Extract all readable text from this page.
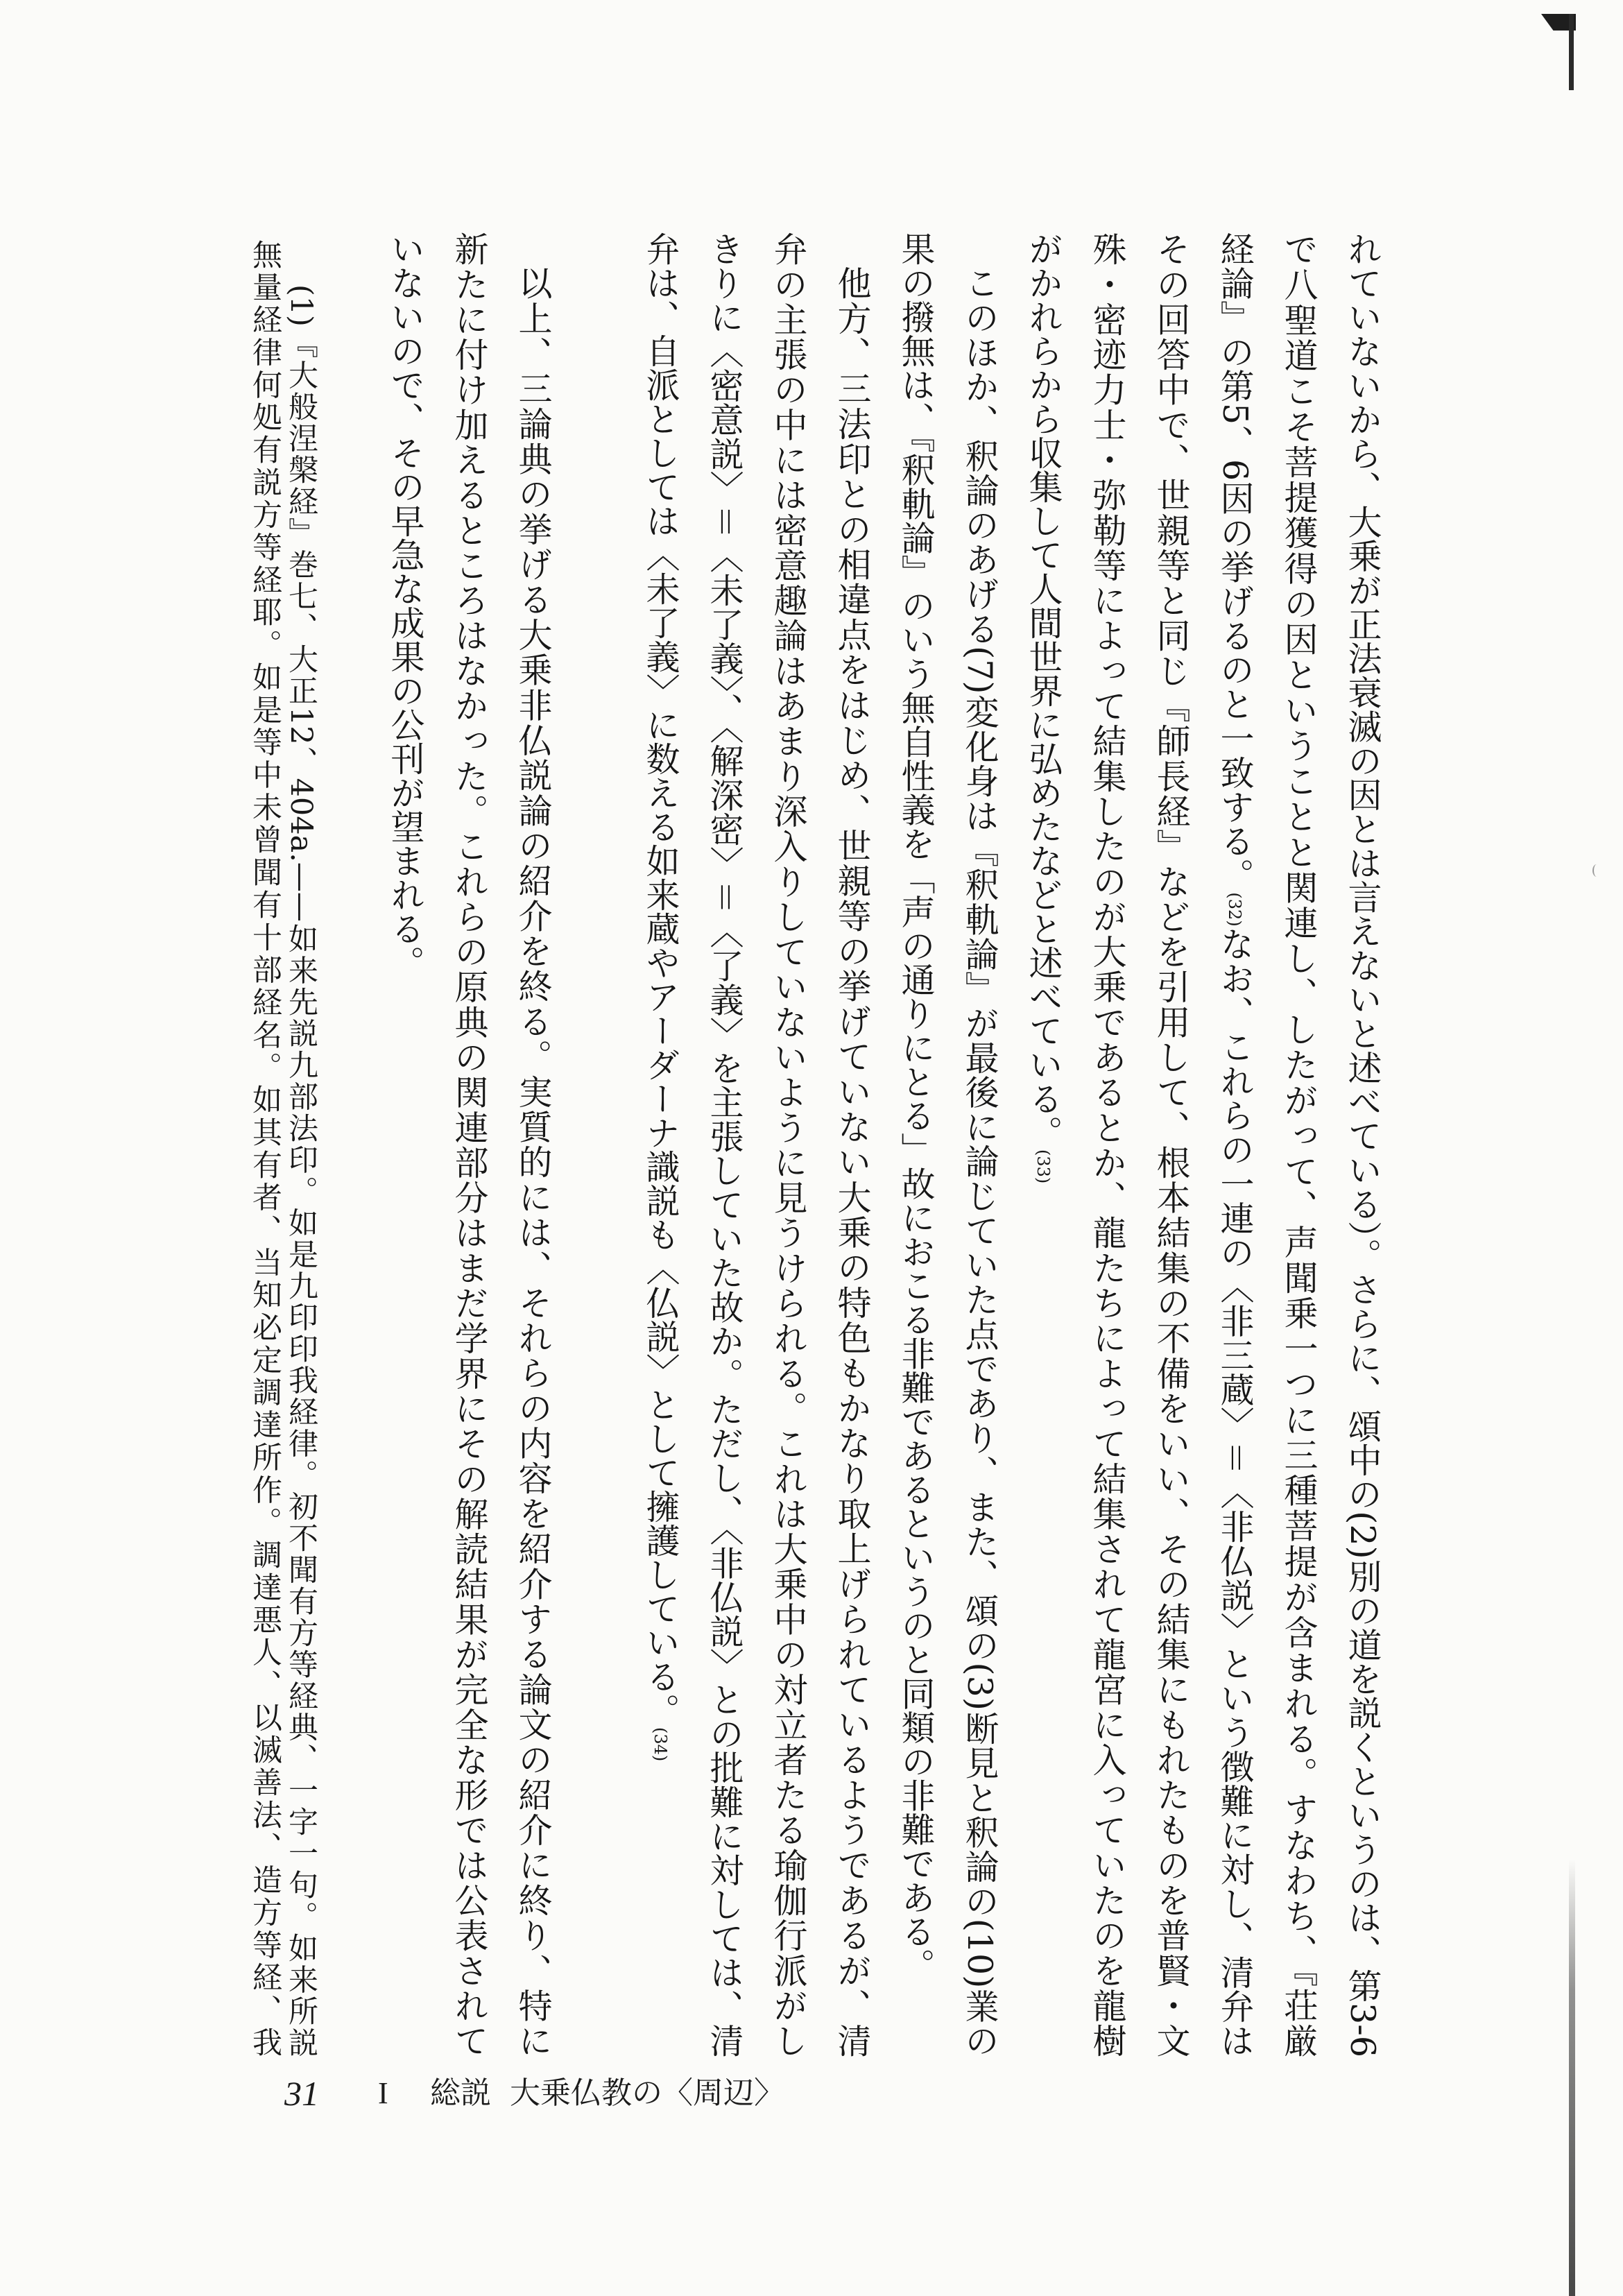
れていないから、大乗が正法衰滅の因とは言えないと述べている）。さらに、頌中の(2)別の道を説くというのは、第3-6
で八聖道こそ菩提獲得の因ということと関連し、したがって、声聞乗一つに三種菩提が含まれる。すなわち、『荘厳
経論』の第5、6因の挙げるのと一致する。(32)なお、これらの一連の〈非三蔵〉＝〈非仏説〉という徴難に対し、清弁は
その回答中で、世親等と同じ『師長経』などを引用して、根本結集の不備をいい、その結集にもれたものを普賢・文
殊・密迹力士・弥勒等によって結集したのが大乗であるとか、龍たちによって結集されて龍宮に入っていたのを龍樹
がかれらから収集して人間世界に弘めたなどと述べている。(33)
このほか、釈論のあげる(7)変化身は『釈軌論』が最後に論じていた点であり、また、頌の(3)断見と釈論の(10)業の
果の撥無は、『釈軌論』のいう無自性義を「声の通りにとる」故におこる非難であるというのと同類の非難である。
他方、三法印との相違点をはじめ、世親等の挙げていない大乗の特色もかなり取上げられているようであるが、清
弁の主張の中には密意趣論はあまり深入りしていないように見うけられる。これは大乗中の対立者たる瑜伽行派がし
きりに〈密意説〉＝〈未了義〉、〈解深密〉＝〈了義〉を主張していた故か。ただし、〈非仏説〉との批難に対しては、清
弁は、自派としては〈未了義〉に数える如来蔵やアーダーナ識説も〈仏説〉として擁護している。(34)
以上、三論典の挙げる大乗非仏説論の紹介を終る。実質的には、それらの内容を紹介する論文の紹介に終り、特に
新たに付け加えるところはなかった。これらの原典の関連部分はまだ学界にその解読結果が完全な形では公表されて
いないので、その早急な成果の公刊が望まれる。
(1)『大般涅槃経』巻七、大正12、404a.——如来先説九部法印。如是九印印我経律。初不聞有方等経典、一字一句。如来所説
無量経律何処有説方等経耶。如是等中未曾聞有十部経名。如其有者、当知必定調達所作。調達悪人、以滅善法、造方等経、我
31 I 総説 大乗仏教の〈周辺〉
